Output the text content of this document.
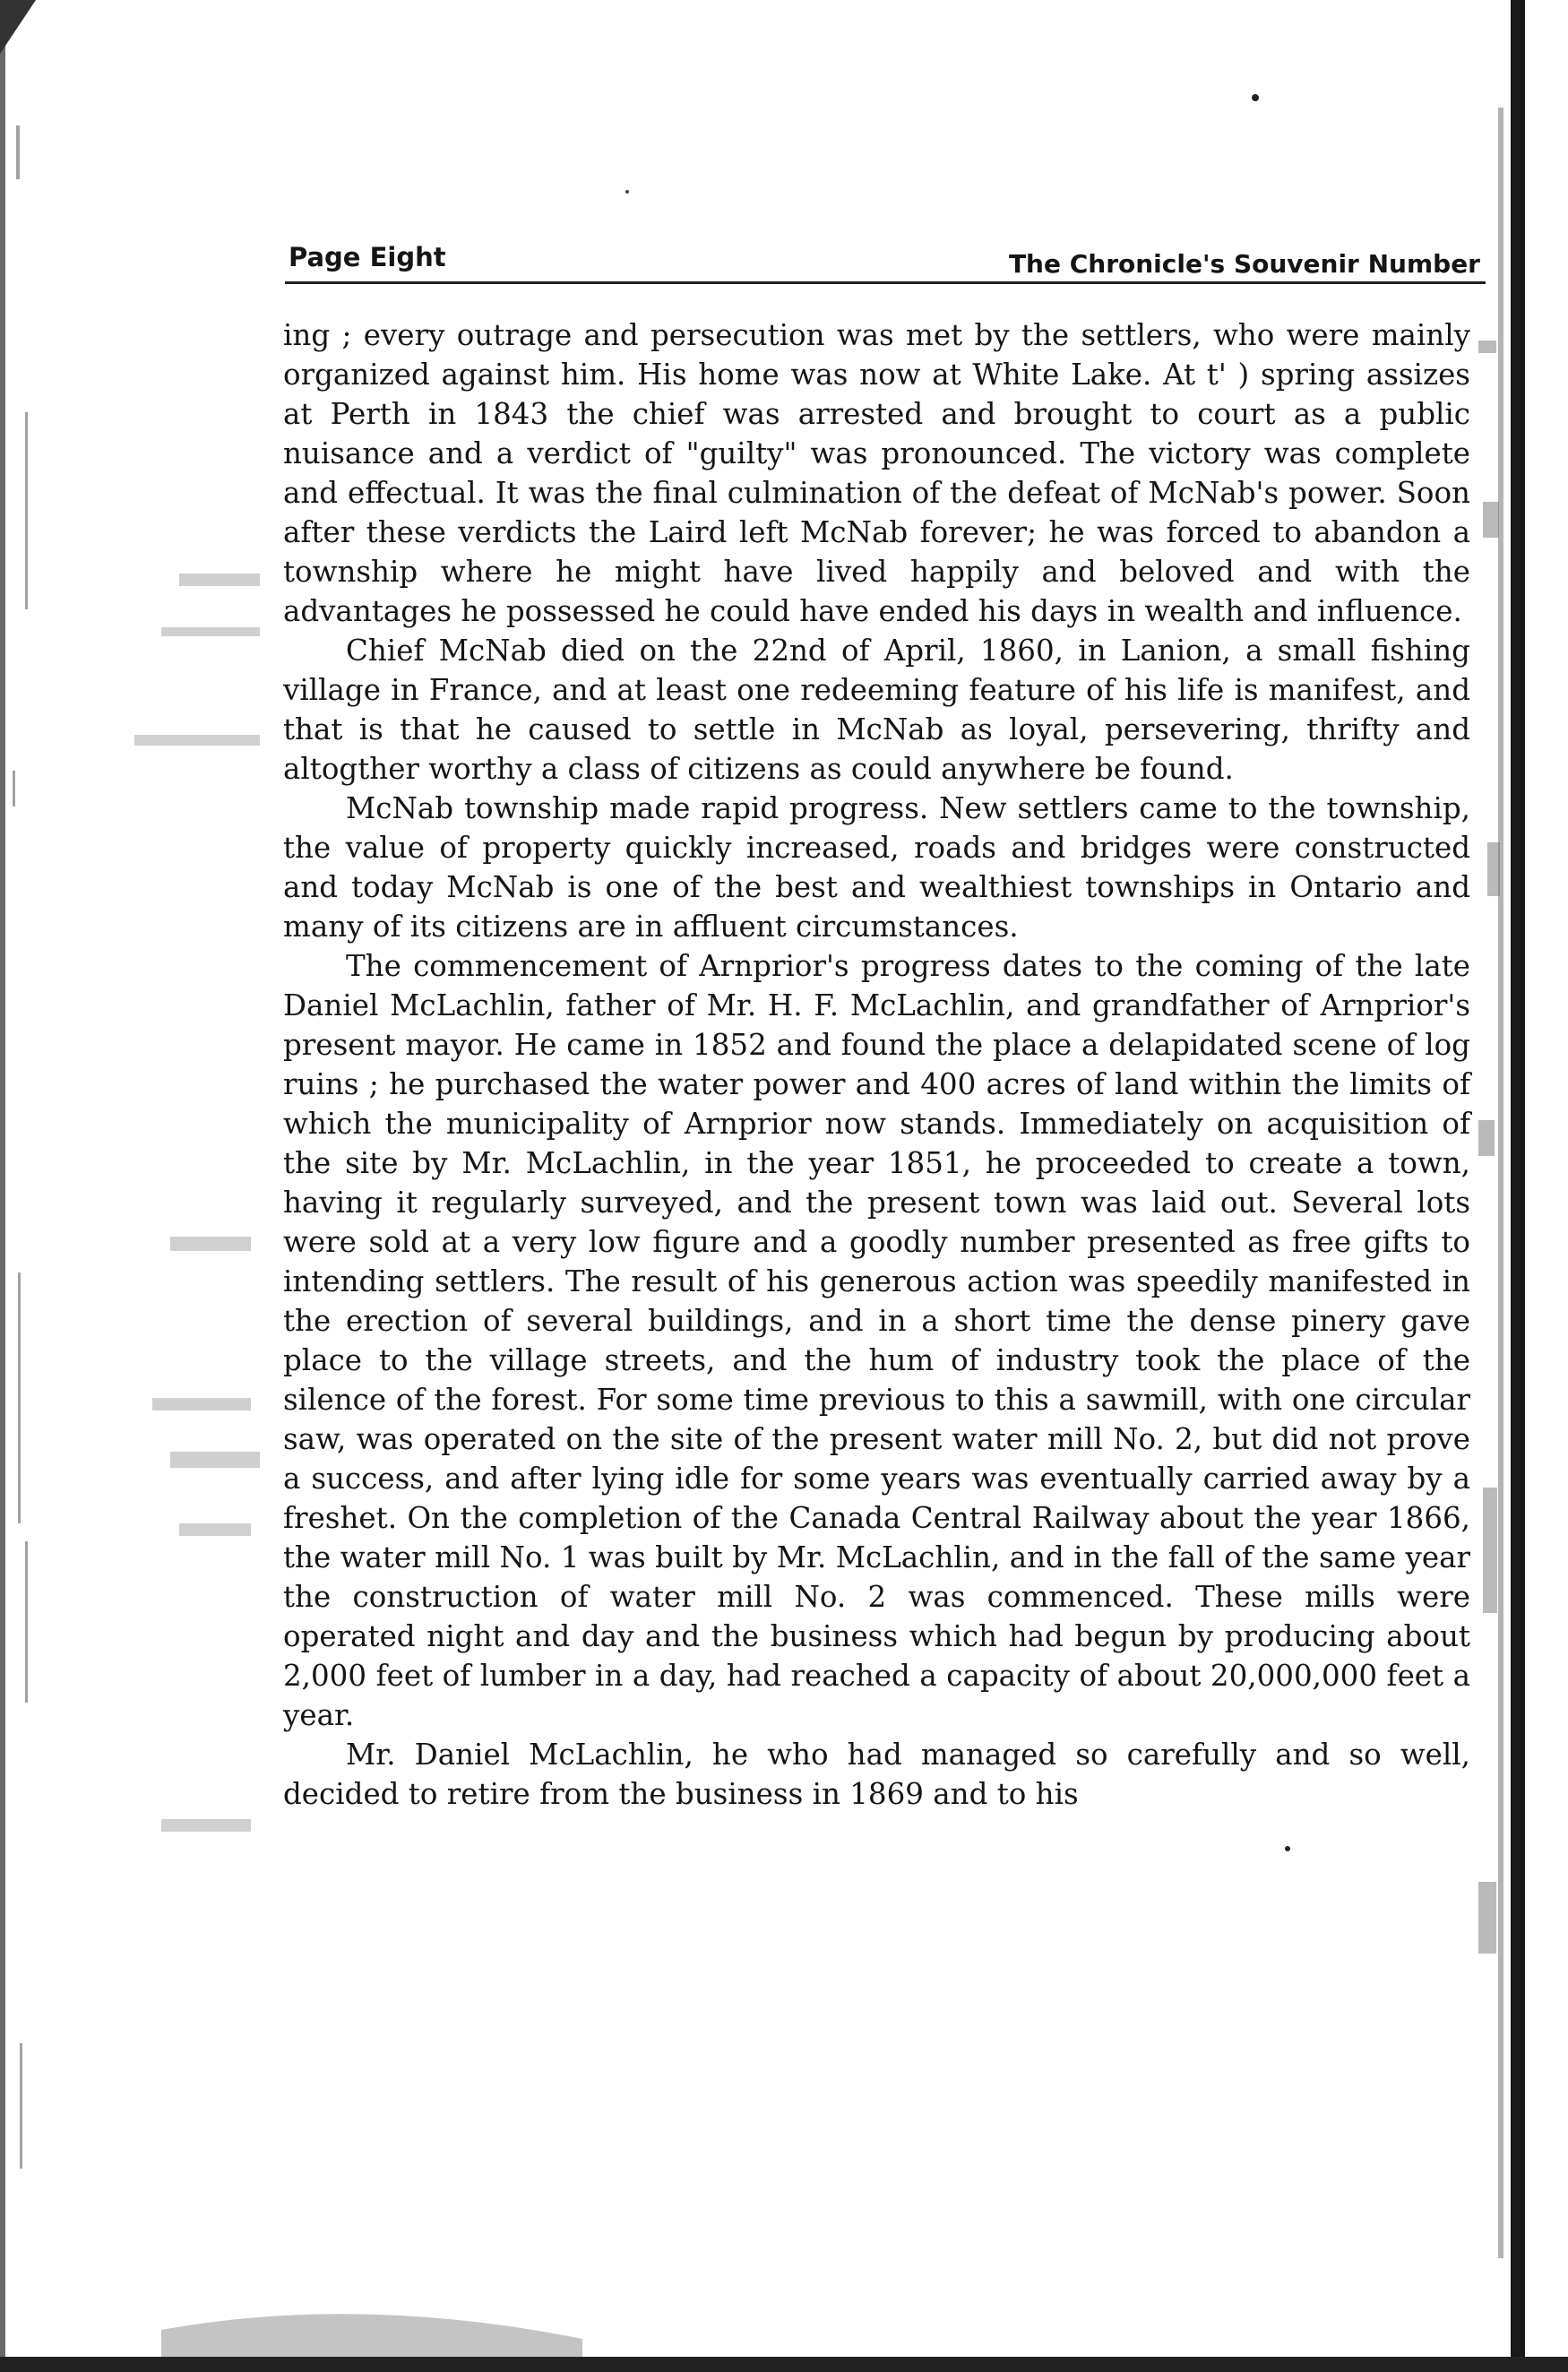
Page Eight	The Chronicle's Souvenir Number

ing ; every outrage and persecution was met by the settlers, who were mainly organized against him. His home was now at White Lake. At t' ) spring assizes at Perth in 1843 the chief was arrested and brought to court as a public nuisance and a verdict of "guilty" was pronounced. The victory was complete and effectual. It was the final culmination of the defeat of McNab's power. Soon after these verdicts the Laird left McNab forever; he was forced to abandon a township where he might have lived happily and beloved and with the advantages he possessed he could have ended his days in wealth and influence.

Chief McNab died on the 22nd of April, 1860, in Lanion, a small fishing village in France, and at least one redeeming feature of his life is manifest, and that is that he caused to settle in McNab as loyal, persevering, thrifty and altogther worthy a class of citizens as could anywhere be found.

McNab township made rapid progress. New settlers came to the township, the value of property quickly increased, roads and bridges were constructed and today McNab is one of the best and wealthiest townships in Ontario and many of its citizens are in affluent circumstances.

The commencement of Arnprior's progress dates to the coming of the late Daniel McLachlin, father of Mr. H. F. McLachlin, and grandfather of Arnprior's present mayor. He came in 1852 and found the place a delapidated scene of log ruins ; he purchased the water power and 400 acres of land within the limits of which the municipality of Arnprior now stands. Immediately on acquisition of the site by Mr. McLachlin, in the year 1851, he proceeded to create a town, having it regularly surveyed, and the present town was laid out. Several lots were sold at a very low figure and a goodly number presented as free gifts to intending settlers. The result of his generous action was speedily manifested in the erection of several buildings, and in a short time the dense pinery gave place to the village streets, and the hum of industry took the place of the silence of the forest. For some time previous to this a sawmill, with one circular saw, was operated on the site of the present water mill No. 2, but did not prove a success, and after lying idle for some years was eventually carried away by a freshet. On the completion of the Canada Central Railway about the year 1866, the water mill No. 1 was built by Mr. McLachlin, and in the fall of the same year the construction of water mill No. 2 was commenced. These mills were operated night and day and the business which had begun by producing about 2,000 feet of lumber in a day, had reached a capacity of about 20,000,000 feet a year.

Mr. Daniel McLachlin, he who had managed so carefully and so well, decided to retire from the business in 1869 and to his
